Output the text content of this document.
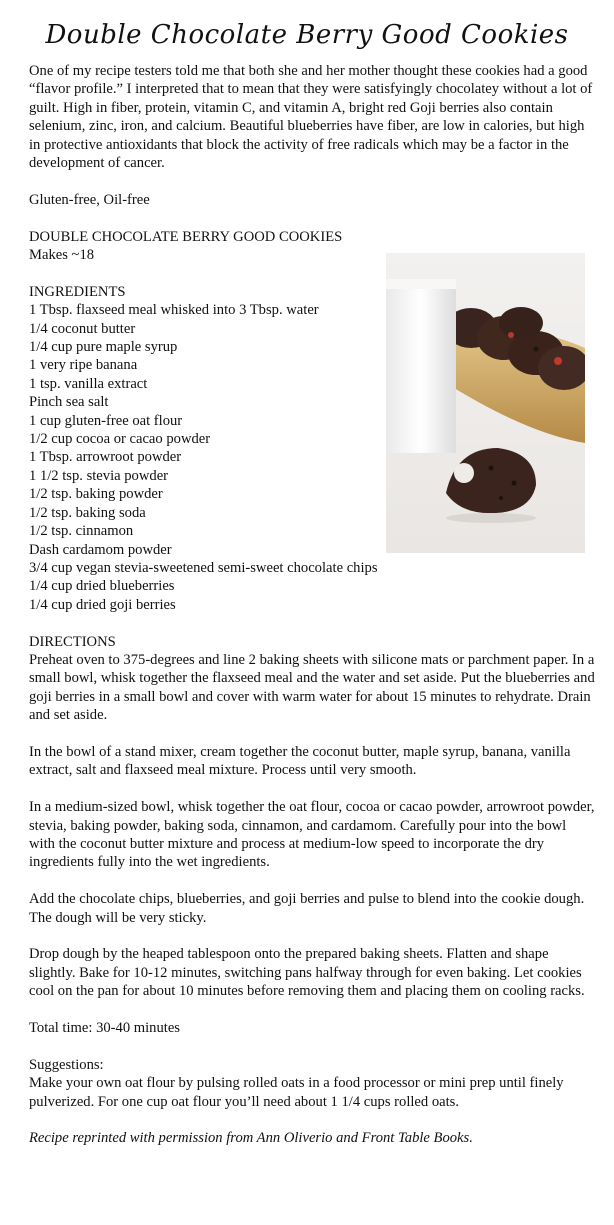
Double Chocolate Berry Good Cookies

One of my recipe testers told me that both she and her mother thought these cookies had a good “flavor profile.” I interpreted that to mean that they were satisfyingly chocolatey without a lot of guilt. High in fiber, protein, vitamin C, and vitamin A, bright red Goji berries also contain selenium, zinc, iron, and calcium. Beautiful blueberries have fiber, are low in calories, but high in protective antioxidants that block the activity of free radicals which may be a factor in the development of cancer.

Gluten-free, Oil-free

DOUBLE CHOCOLATE BERRY GOOD COOKIES

Makes ~18

INGREDIENTS

1 Tbsp. flaxseed meal whisked into 3 Tbsp. water

1/4 coconut butter

1/4 cup pure maple syrup

1 very ripe banana

1 tsp. vanilla extract

Pinch sea salt

1 cup gluten-free oat flour

1/2 cup cocoa or cacao powder

1 Tbsp. arrowroot powder

1 1/2 tsp. stevia powder

1/2 tsp. baking powder

1/2 tsp. baking soda

1/2 tsp. cinnamon

Dash cardamom powder

3/4 cup vegan stevia-sweetened semi-sweet chocolate chips

1/4 cup dried blueberries

1/4 cup dried goji berries

DIRECTIONS

Preheat oven to 375-degrees and line 2 baking sheets with silicone mats or parchment paper. In a small bowl, whisk together the flaxseed meal and the water and set aside. Put the blueberries and goji berries in a small bowl and cover with warm water for about 15 minutes to rehydrate. Drain and set aside.

In the bowl of a stand mixer, cream together the coconut butter, maple syrup, banana, vanilla extract, salt and flaxseed meal mixture. Process until very smooth.

In a medium-sized bowl, whisk together the oat flour, cocoa or cacao powder, arrowroot powder, stevia, baking powder, baking soda, cinnamon, and cardamom. Carefully pour into the bowl with the coconut butter mixture and process at medium-low speed to incorporate the dry ingredients fully into the wet ingredients.

Add the chocolate chips, blueberries, and goji berries and pulse to blend into the cookie dough. The dough will be very sticky.

Drop dough by the heaped tablespoon onto the prepared baking sheets. Flatten and shape slightly. Bake for 10-12 minutes, switching pans halfway through for even baking. Let cookies cool on the pan for about 10 minutes before removing them and placing them on cooling racks.

Total time: 30-40 minutes

Suggestions:

Make your own oat flour by pulsing rolled oats in a food processor or mini prep until finely pulverized. For one cup oat flour you’ll need about 1 1/4 cups rolled oats.

Recipe reprinted with permission from Ann Oliverio and Front Table Books.
